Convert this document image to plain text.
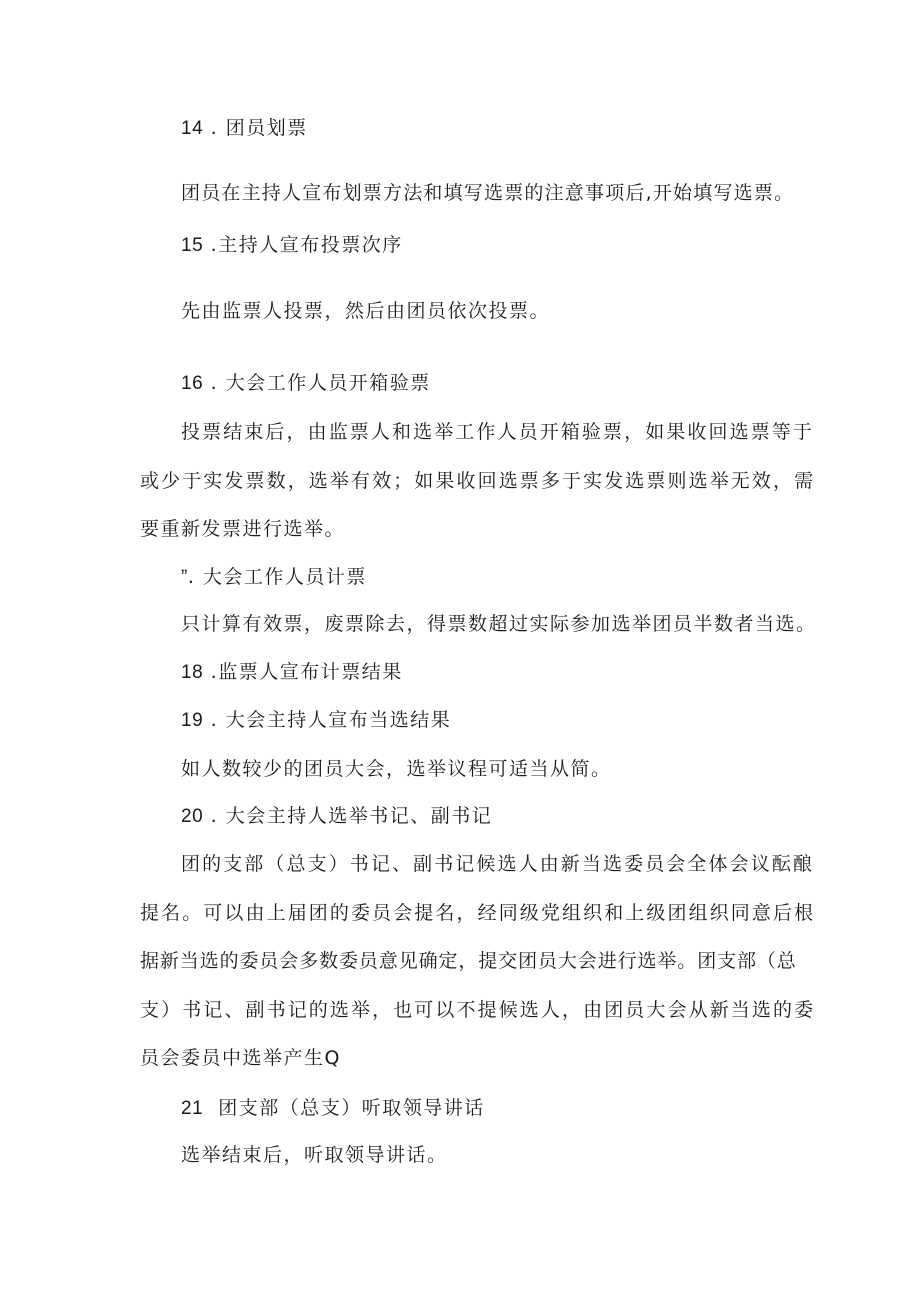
14 . 团员划票
团员在主持人宣布划票方法和填写选票的注意事项后,开始填写选票。
15 .主持人宣布投票次序
先由监票人投票，然后由团员依次投票。
16 . 大会工作人员开箱验票
投票结束后，由监票人和选举工作人员开箱验票，如果收回选票等于
或少于实发票数，选举有效；如果收回选票多于实发选票则选举无效，需
要重新发票进行选举。
”. 大会工作人员计票
只计算有效票，废票除去，得票数超过实际参加选举团员半数者当选。
18 .监票人宣布计票结果
19 . 大会主持人宣布当选结果
如人数较少的团员大会，选举议程可适当从简。
20 . 大会主持人选举书记、副书记
团的支部（总支）书记、副书记候选人由新当选委员会全体会议酝酿
提名。可以由上届团的委员会提名，经同级党组织和上级团组织同意后根
据新当选的委员会多数委员意见确定，提交团员大会进行选举。团支部（总
支）书记、副书记的选举，也可以不提候选人，由团员大会从新当选的委
员会委员中选举产生Q
21  团支部（总支）听取领导讲话
选举结束后，听取领导讲话。
